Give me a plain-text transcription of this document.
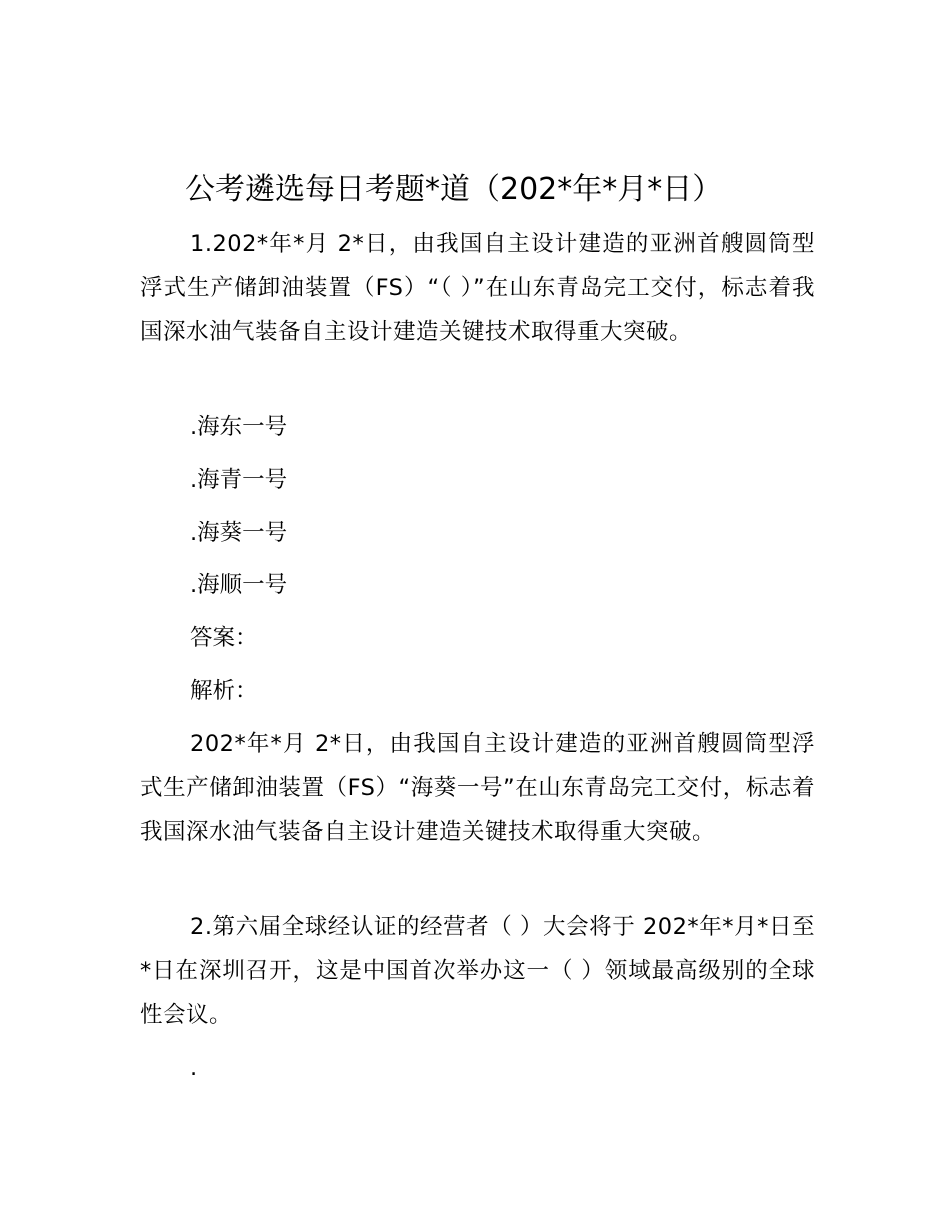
公考遴选每日考题*道（202*年*月*日）

1.202*年*月 2*日，由我国自主设计建造的亚洲首艘圆筒型浮式生产储卸油装置（FS）“（ ）”在山东青岛完工交付，标志着我国深水油气装备自主设计建造关键技术取得重大突破。

.海东一号

.海青一号

.海葵一号

.海顺一号

答案：

解析：

202*年*月 2*日，由我国自主设计建造的亚洲首艘圆筒型浮式生产储卸油装置（FS）“海葵一号”在山东青岛完工交付，标志着我国深水油气装备自主设计建造关键技术取得重大突破。

2.第六届全球经认证的经营者（ ）大会将于 202*年*月*日至*日在深圳召开，这是中国首次举办这一（ ）领域最高级别的全球性会议。

.
